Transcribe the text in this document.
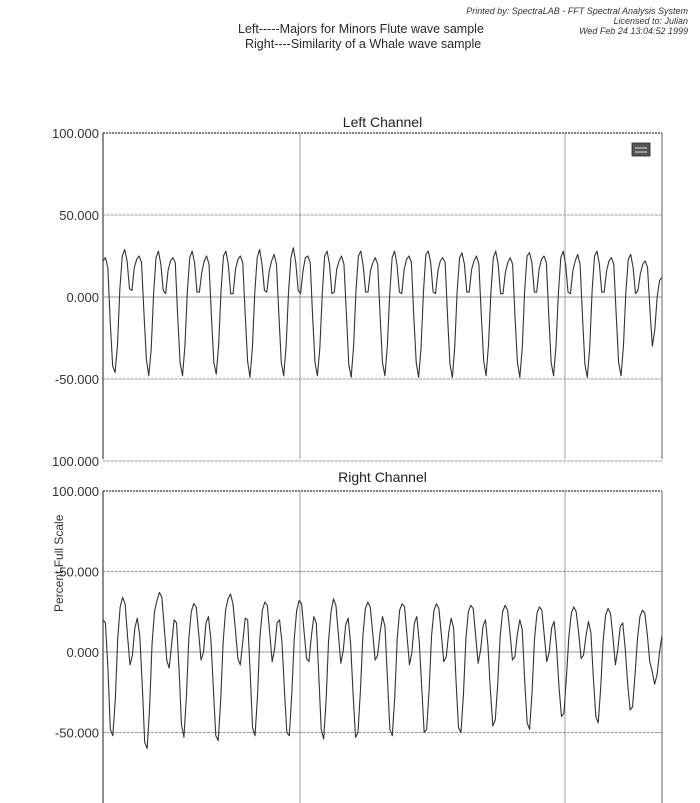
Left-----Majors for Minors Flute wave sample
Right----Similarity of a Whale wave sample
Printed by: SpectraLAB - FFT Spectral Analysis System
Licensed to: Julian
Wed Feb 24 13:04:52 1999
Left Channel
100.000
50.000
0.000
-50.000
100.000
Right Channel
100.000
50.000
0.000
-50.000
Percent Full Scale
